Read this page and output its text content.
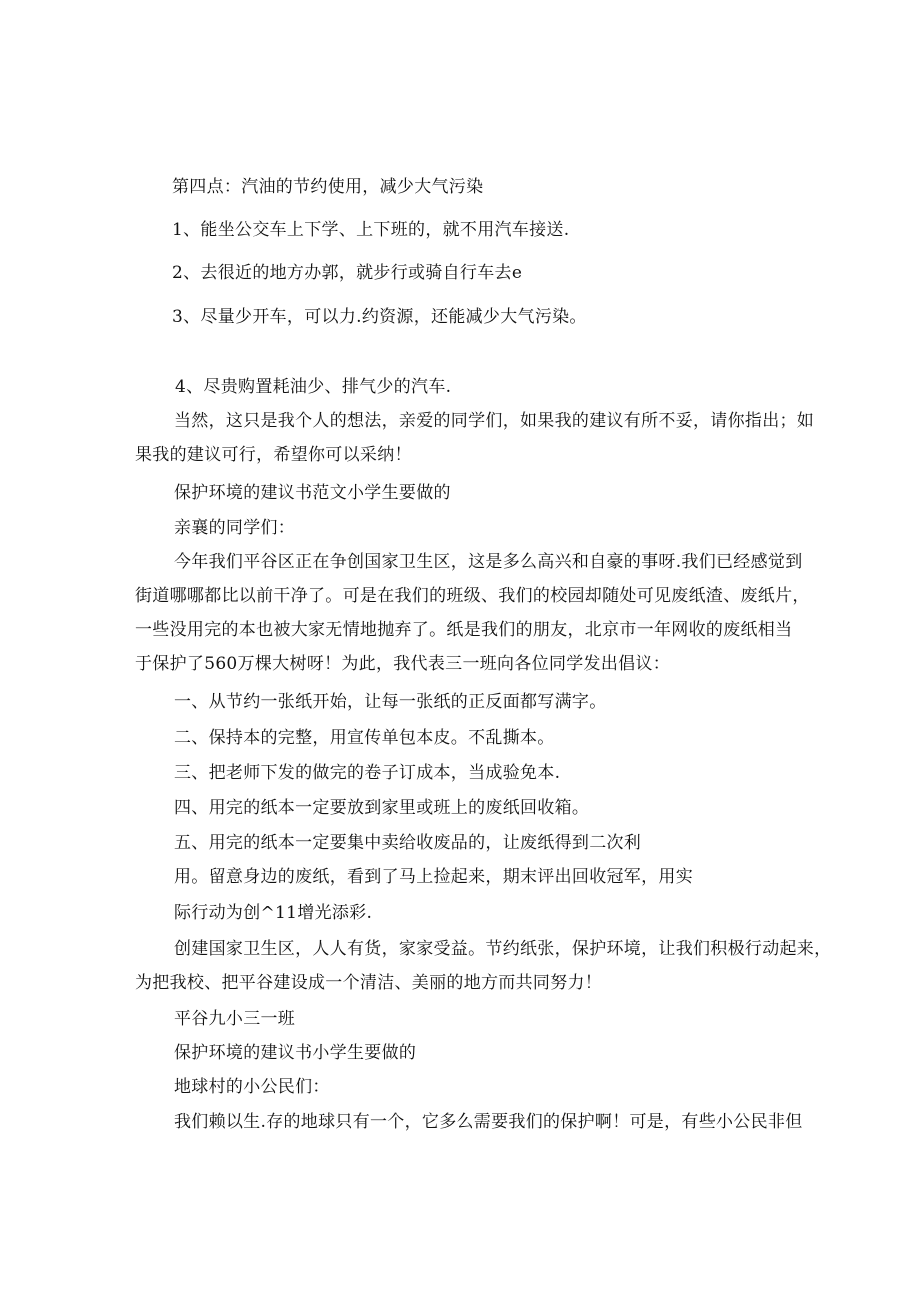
第四点：汽油的节约使用，减少大气污染
1、能坐公交车上下学、上下班的，就不用汽车接送.
2、去很近的地方办郭，就步行或骑自行车去e
3、尽量少开车，可以力.约资源，还能减少大气污染。
4、尽贵购置耗油少、排气少的汽车.
当然，这只是我个人的想法，亲爱的同学们，如果我的建议有所不妥，请你指出；如
果我的建议可行，希望你可以采纳！
保护环境的建议书范文小学生要做的
亲襄的同学们：
今年我们平谷区正在争创国家卫生区，这是多么高兴和自豪的事呀.我们已经感觉到
街道哪哪都比以前干净了。可是在我们的班级、我们的校园却随处可见废纸渣、废纸片，
一些没用完的本也被大家无情地抛弃了。纸是我们的朋友，北京市一年网收的废纸相当
于保护了560万棵大树呀！为此，我代表三一班向各位同学发出倡议：
一、从节约一张纸开始，让每一张纸的正反面都写满字。
二、保持本的完整，用宣传单包本皮。不乱撕本。
三、把老师下发的做完的卷子订成本，当成验免本.
四、用完的纸本一定要放到家里或班上的废纸回收箱。
五、用完的纸本一定要集中卖给收废品的，让废纸得到二次利
用。留意身边的废纸，看到了马上捡起来，期末评出回收冠军，用实
际行动为创^11增光添彩.
创建国家卫生区，人人有货，家家受益。节约纸张，保护环境，让我们积极行动起来，
为把我校、把平谷建设成一个清洁、美丽的地方而共同努力！
平谷九小三一班
保护环境的建议书小学生要做的
地球村的小公民们：
我们赖以生.存的地球只有一个，它多么需要我们的保护啊！可是，有些小公民非但
